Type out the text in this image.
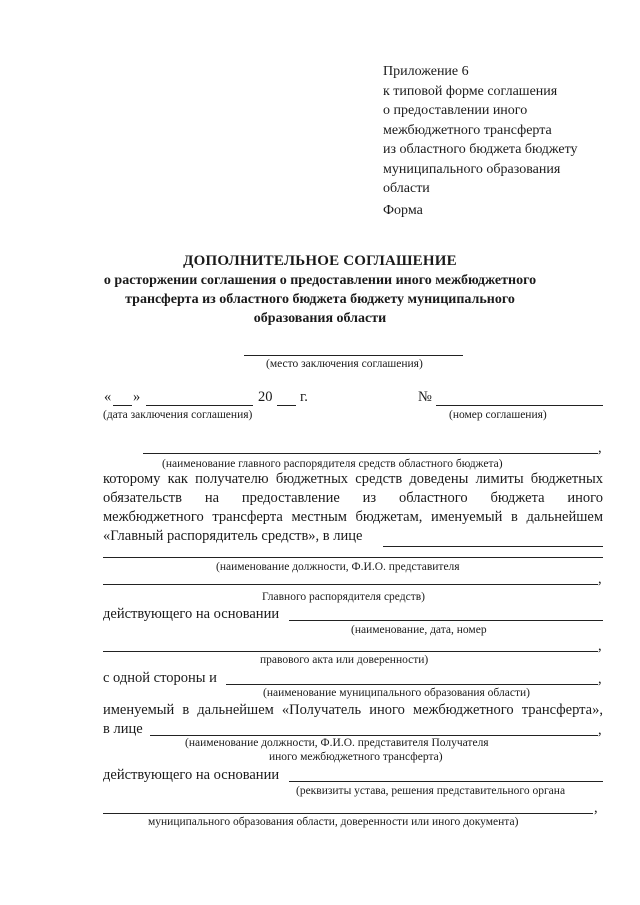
Приложение 6
к типовой форме соглашения
о предоставлении иного
межбюджетного трансферта
из областного бюджета бюджету
муниципального образования
области
Форма
ДОПОЛНИТЕЛЬНОЕ СОГЛАШЕНИЕ
о расторжении соглашения о предоставлении иного межбюджетного
трансферта из областного бюджета бюджету муниципального
образования области
(место заключения соглашения)
« »	20 г.	№
(дата заключения соглашения)	(номер соглашения)
,
(наименование главного распорядителя средств областного бюджета)
которому как получателю бюджетных средств доведены лимиты бюджетных
обязательств на предоставление из областного бюджета иного
межбюджетного трансферта местным бюджетам, именуемый в дальнейшем
«Главный распорядитель средств», в лице
(наименование должности, Ф.И.О. представителя
,
Главного распорядителя средств)
действующего на основании
(наименование, дата, номер
,
правового акта или доверенности)
с одной стороны и	,
(наименование муниципального образования области)
именуемый в дальнейшем «Получатель иного межбюджетного трансферта»,
в лице	,
(наименование должности, Ф.И.О. представителя Получателя
иного межбюджетного трансферта)
действующего на основании
(реквизиты устава, решения представительного органа
,
муниципального образования области, доверенности или иного документа)
